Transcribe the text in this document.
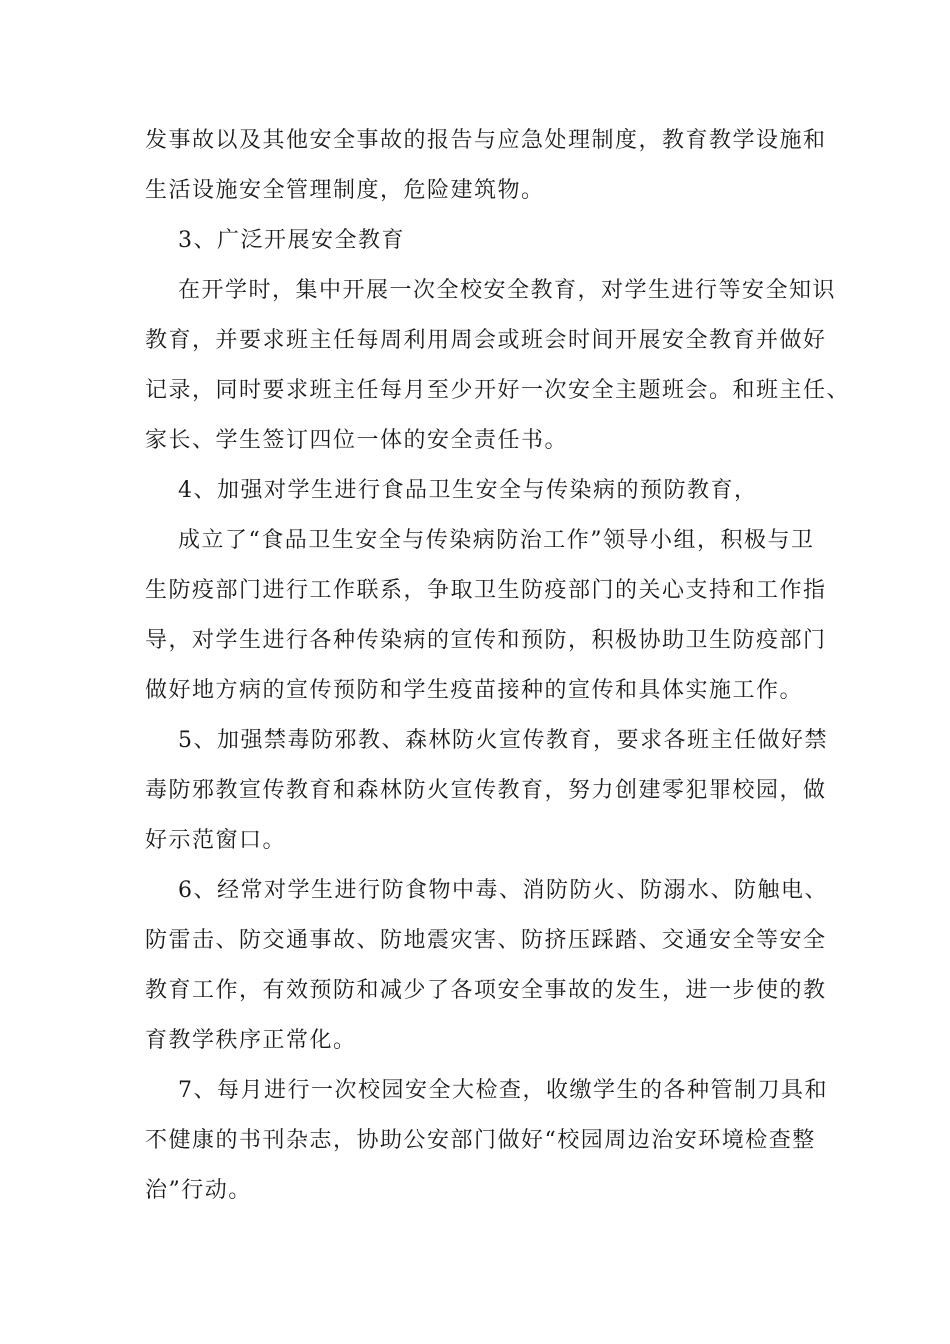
发事故以及其他安全事故的报告与应急处理制度，教育教学设施和
生活设施安全管理制度，危险建筑物。
3、广泛开展安全教育
在开学时，集中开展一次全校安全教育，对学生进行等安全知识
教育，并要求班主任每周利用周会或班会时间开展安全教育并做好
记录，同时要求班主任每月至少开好一次安全主题班会。和班主任、
家长、学生签订四位一体的安全责任书。
4、加强对学生进行食品卫生安全与传染病的预防教育，
成立了“食品卫生安全与传染病防治工作”领导小组，积极与卫
生防疫部门进行工作联系，争取卫生防疫部门的关心支持和工作指
导，对学生进行各种传染病的宣传和预防，积极协助卫生防疫部门
做好地方病的宣传预防和学生疫苗接种的宣传和具体实施工作。
5、加强禁毒防邪教、森林防火宣传教育，要求各班主任做好禁
毒防邪教宣传教育和森林防火宣传教育，努力创建零犯罪校园，做
好示范窗口。
6、经常对学生进行防食物中毒、消防防火、防溺水、防触电、
防雷击、防交通事故、防地震灾害、防挤压踩踏、交通安全等安全
教育工作，有效预防和减少了各项安全事故的发生，进一步使的教
育教学秩序正常化。
7、每月进行一次校园安全大检查，收缴学生的各种管制刀具和
不健康的书刊杂志，协助公安部门做好“校园周边治安环境检查整
治”行动。
